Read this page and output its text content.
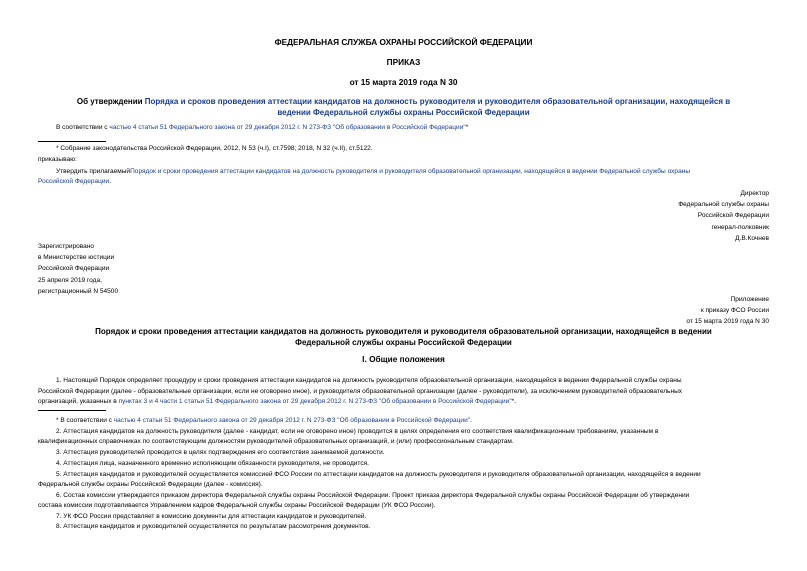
ФЕДЕРАЛЬНАЯ СЛУЖБА ОХРАНЫ РОССИЙСКОЙ ФЕДЕРАЦИИ
ПРИКАЗ
от 15 марта 2019 года N 30
Об утверждении Порядка и сроков проведения аттестации кандидатов на должность руководителя и руководителя образовательной организации, находящейся в
ведении Федеральной службы охраны Российской Федерации
В соответствии с частью 4 статьи 51 Федерального закона от 29 декабря 2012 г. N 273-ФЗ "Об образовании в Российской Федерации"*
* Собрание законодательства Российской Федерации, 2012, N 53 (ч.I), ст.7598; 2018, N 32 (ч.II), ст.5122.
приказываю:
Утвердить прилагаемыйПорядок и сроки проведения аттестации кандидатов на должность руководителя и руководителя образовательной организации, находящейся в ведении Федеральной службы охраны
Российской Федерации.
Директор
Федеральной службы охраны
Российской Федерации
генерал-полковник
Д.В.Кочнев
Зарегистрировано
в Министерстве юстиции
Российской Федерации
25 апреля 2019 года,
регистрационный N 54500
Приложение
к приказу ФСО России
от 15 марта 2019 года N 30
Порядок и сроки проведения аттестации кандидатов на должность руководителя и руководителя образовательной организации, находящейся в ведении
Федеральной службы охраны Российской Федерации
I. Общие положения
1. Настоящий Порядок определяет процедуру и сроки проведения аттестации кандидатов на должность руководителя образовательной организации, находящейся в ведении Федеральной службы охраны
Российской Федерации (далее - образовательные организации, если не оговорено иное), и руководителя образовательной организации (далее - руководители), за исключением руководителей образовательных
организаций, указанных в пунктах 3 и 4 части 1 статьи 51 Федерального закона от 29 декабря 2012 г. N 273-ФЗ "Об образовании в Российской Федерации"*.
* В соответствии с частью 4 статьи 51 Федерального закона от 29 декабря 2012 г. N 273-ФЗ "Об образовании в Российской Федерации".
2. Аттестация кандидатов на должность руководителя (далее - кандидат, если не оговорено иное) проводится в целях определения его соответствия квалификационным требованиям, указанным в
квалификационных справочниках по соответствующим должностям руководителей образовательных организаций, и (или) профессиональным стандартам.
3. Аттестация руководителей проводится в целях подтверждения его соответствия занимаемой должности.
4. Аттестация лица, назначенного временно исполняющим обязанности руководителя, не проводится.
5. Аттестация кандидатов и руководителей осуществляется комиссией ФСО России по аттестации кандидатов на должность руководителя и руководителя образовательной организации, находящейся в ведении
Федеральной службы охраны Российской Федерации (далее - комиссия).
6. Состав комиссии утверждается приказом директора Федеральной службы охраны Российской Федерации. Проект приказа директора Федеральной службы охраны Российской Федерации об утверждении
состава комиссии подготавливается Управлением кадров Федеральной службы охраны Российской Федерации (УК ФСО России).
7. УК ФСО России представляет в комиссию документы для аттестации кандидатов и руководителей.
8. Аттестация кандидатов и руководителей осуществляется по результатам рассмотрения документов.
